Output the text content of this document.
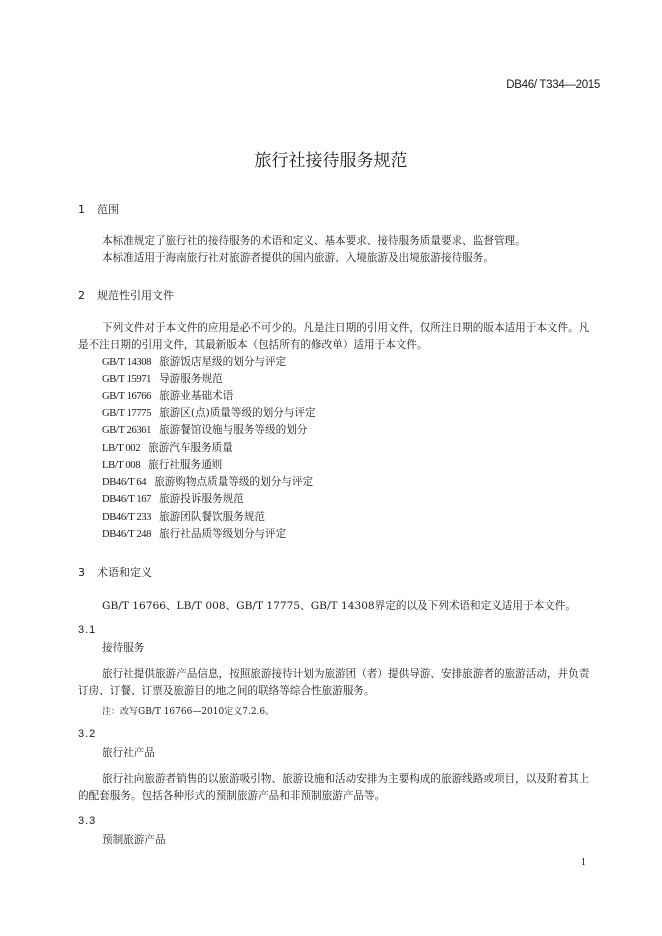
DB46/ T334—2015
旅行社接待服务规范
1 范围
本标准规定了旅行社的接待服务的术语和定义、基本要求、接待服务质量要求、监督管理。
本标准适用于海南旅行社对旅游者提供的国内旅游、入境旅游及出境旅游接待服务。
2 规范性引用文件
下列文件对于本文件的应用是必不可少的。凡是注日期的引用文件，仅所注日期的版本适用于本文件。凡是不注日期的引用文件，其最新版本（包括所有的修改单）适用于本文件。
GB/T 14308 旅游饭店星级的划分与评定
GB/T 15971 导游服务规范
GB/T 16766 旅游业基础术语
GB/T 17775 旅游区(点)质量等级的划分与评定
GB/T 26361 旅游餐馆设施与服务等级的划分
LB/T 002 旅游汽车服务质量
LB/T 008 旅行社服务通则
DB46/T 64 旅游购物点质量等级的划分与评定
DB46/T 167 旅游投诉服务规范
DB46/T 233 旅游团队餐饮服务规范
DB46/T 248 旅行社品质等级划分与评定
3 术语和定义
GB/T 16766、LB/T 008、GB/T 17775、GB/T 14308界定的以及下列术语和定义适用于本文件。
3.1
接待服务
旅行社提供旅游产品信息，按照旅游接待计划为旅游团（者）提供导游、安排旅游者的旅游活动，并负责订房、订餐、订票及旅游目的地之间的联络等综合性旅游服务。
注：改写GB/T 16766—2010定义7.2.6。
3.2
旅行社产品
旅行社向旅游者销售的以旅游吸引物、旅游设施和活动安排为主要构成的旅游线路或项目，以及附着其上的配套服务。包括各种形式的预制旅游产品和非预制旅游产品等。
3.3
预制旅游产品
1
